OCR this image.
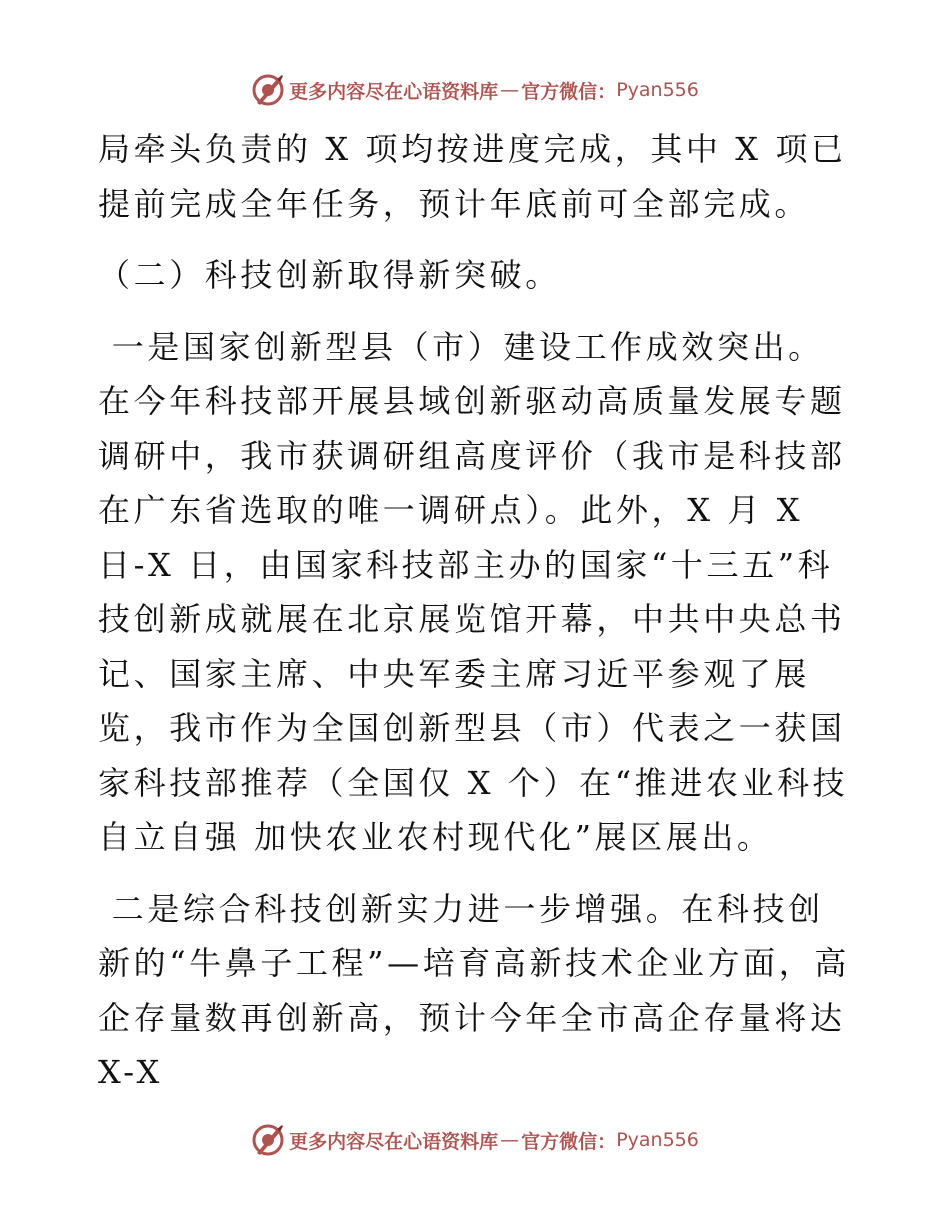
更多内容尽在心语资料库 — 官方微信： Pyan556

局牵头负责的 X 项均按进度完成，其中 X 项已提前完成全年任务，预计年底前可全部完成。

（二）科技创新取得新突破。

一是国家创新型县（市）建设工作成效突出。在今年科技部开展县域创新驱动高质量发展专题调研中，我市获调研组高度评价（我市是科技部在广东省选取的唯一调研点）。此外，X 月 X 日-X 日，由国家科技部主办的国家“十三五”科技创新成就展在北京展览馆开幕，中共中央总书记、国家主席、中央军委主席习近平参观了展览，我市作为全国创新型县（市）代表之一获国家科技部推荐（全国仅 X 个）在“推进农业科技自立自强 加快农业农村现代化”展区展出。

二是综合科技创新实力进一步增强。在科技创新的“牛鼻子工程”—培育高新技术企业方面，高企存量数再创新高，预计今年全市高企存量将达 X-X

更多内容尽在心语资料库 — 官方微信： Pyan556
